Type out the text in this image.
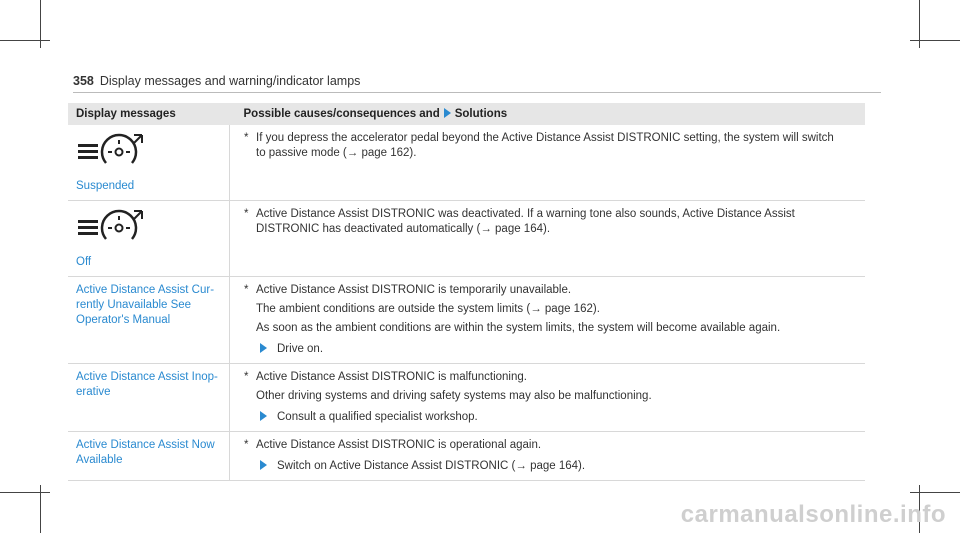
358 Display messages and warning/indicator lamps
Display messages	Possible causes/consequences and Solutions

Suspended	* If you depress the accelerator pedal beyond the Active Distance Assist DISTRONIC setting, the system will switch
to passive mode (→ page 162).

Off	* Active Distance Assist DISTRONIC was deactivated. If a warning tone also sounds, Active Distance Assist
DISTRONIC has deactivated automatically (→ page 164).

Active Distance Assist Cur-rently Unavailable See Operator's Manual	* Active Distance Assist DISTRONIC is temporarily unavailable.
The ambient conditions are outside the system limits (→ page 162).
As soon as the ambient conditions are within the system limits, the system will become available again.
Drive on.

Active Distance Assist Inop-erative	* Active Distance Assist DISTRONIC is malfunctioning.
Other driving systems and driving safety systems may also be malfunctioning.
Consult a qualified specialist workshop.

Active Distance Assist Now Available	* Active Distance Assist DISTRONIC is operational again.
Switch on Active Distance Assist DISTRONIC (→ page 164).
carmanualsonline.info
